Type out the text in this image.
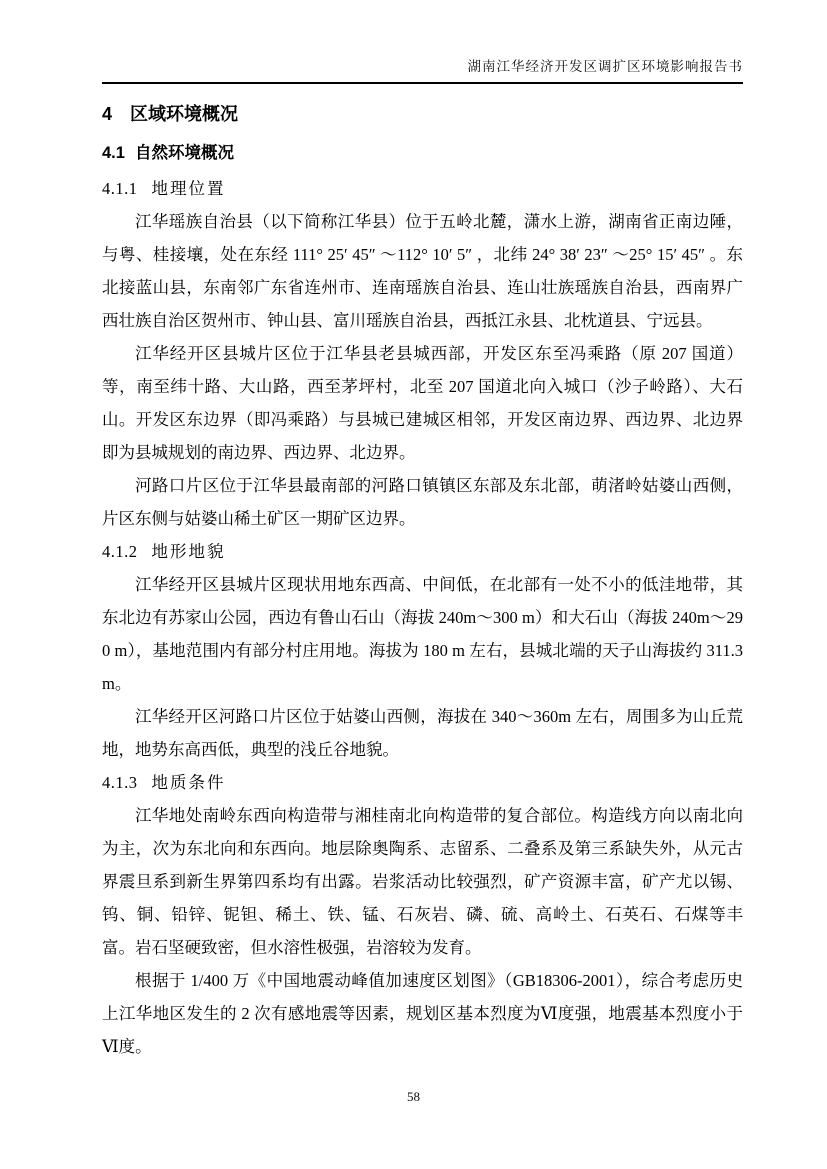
湖南江华经济开发区调扩区环境影响报告书
4 区域环境概况
4.1 自然环境概况
4.1.1 地理位置

江华瑶族自治县（以下简称江华县）位于五岭北麓，潇水上游，湖南省正南边陲，与粤、桂接壤，处在东经 111° 25′ 45″ ～112° 10′ 5″ ，北纬 24° 38′ 23″ ～25° 15′ 45″ 。东北接蓝山县，东南邻广东省连州市、连南瑶族自治县、连山壮族瑶族自治县，西南界广西壮族自治区贺州市、钟山县、富川瑶族自治县，西抵江永县、北枕道县、宁远县。

江华经开区县城片区位于江华县老县城西部，开发区东至冯乘路（原 207 国道）等，南至纬十路、大山路，西至茅坪村，北至 207 国道北向入城口（沙子岭路）、大石山。开发区东边界（即冯乘路）与县城已建城区相邻，开发区南边界、西边界、北边界即为县城规划的南边界、西边界、北边界。

河路口片区位于江华县最南部的河路口镇镇区东部及东北部，萌渚岭姑婆山西侧，片区东侧与姑婆山稀土矿区一期矿区边界。

4.1.2 地形地貌

江华经开区县城片区现状用地东西高、中间低，在北部有一处不小的低洼地带，其东北边有苏家山公园，西边有鲁山石山（海拔 240m～300 m）和大石山（海拔 240m～290 m），基地范围内有部分村庄用地。海拔为 180 m 左右，县城北端的天子山海拔约 311.3 m。

江华经开区河路口片区位于姑婆山西侧，海拔在 340～360m 左右，周围多为山丘荒地，地势东高西低，典型的浅丘谷地貌。

4.1.3 地质条件

江华地处南岭东西向构造带与湘桂南北向构造带的复合部位。构造线方向以南北向为主，次为东北向和东西向。地层除奥陶系、志留系、二叠系及第三系缺失外，从元古界震旦系到新生界第四系均有出露。岩浆活动比较强烈，矿产资源丰富，矿产尤以锡、钨、铜、铅锌、铌钽、稀土、铁、锰、石灰岩、磷、硫、高岭土、石英石、石煤等丰富。岩石坚硬致密，但水溶性极强，岩溶较为发育。

根据于 1/400 万《中国地震动峰值加速度区划图》（GB18306-2001），综合考虑历史上江华地区发生的 2 次有感地震等因素，规划区基本烈度为Ⅵ度强，地震基本烈度小于Ⅵ度。

58
